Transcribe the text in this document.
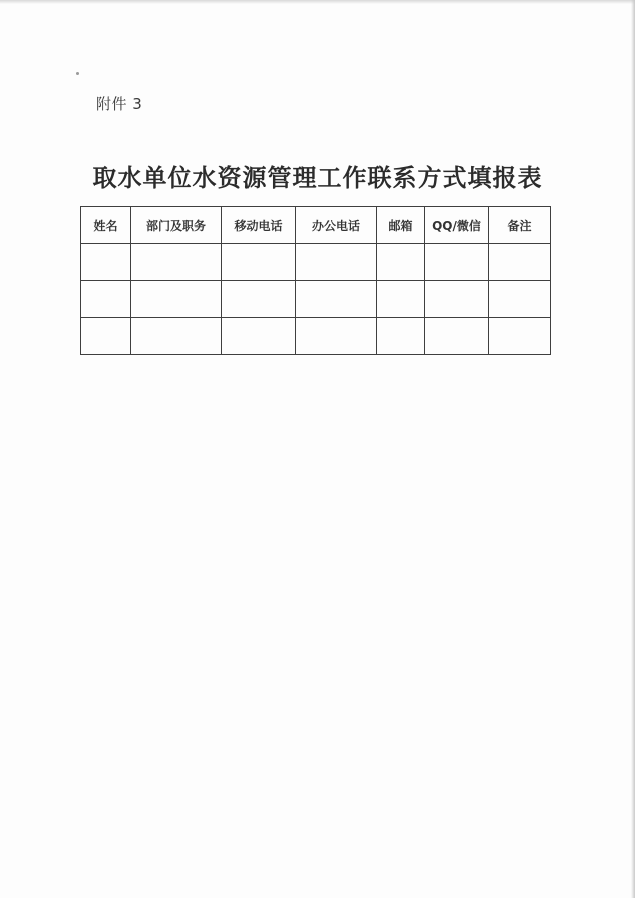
附件 3
取水单位水资源管理工作联系方式填报表
姓名	部门及职务	移动电话	办公电话	邮箱	QQ/微信	备注
